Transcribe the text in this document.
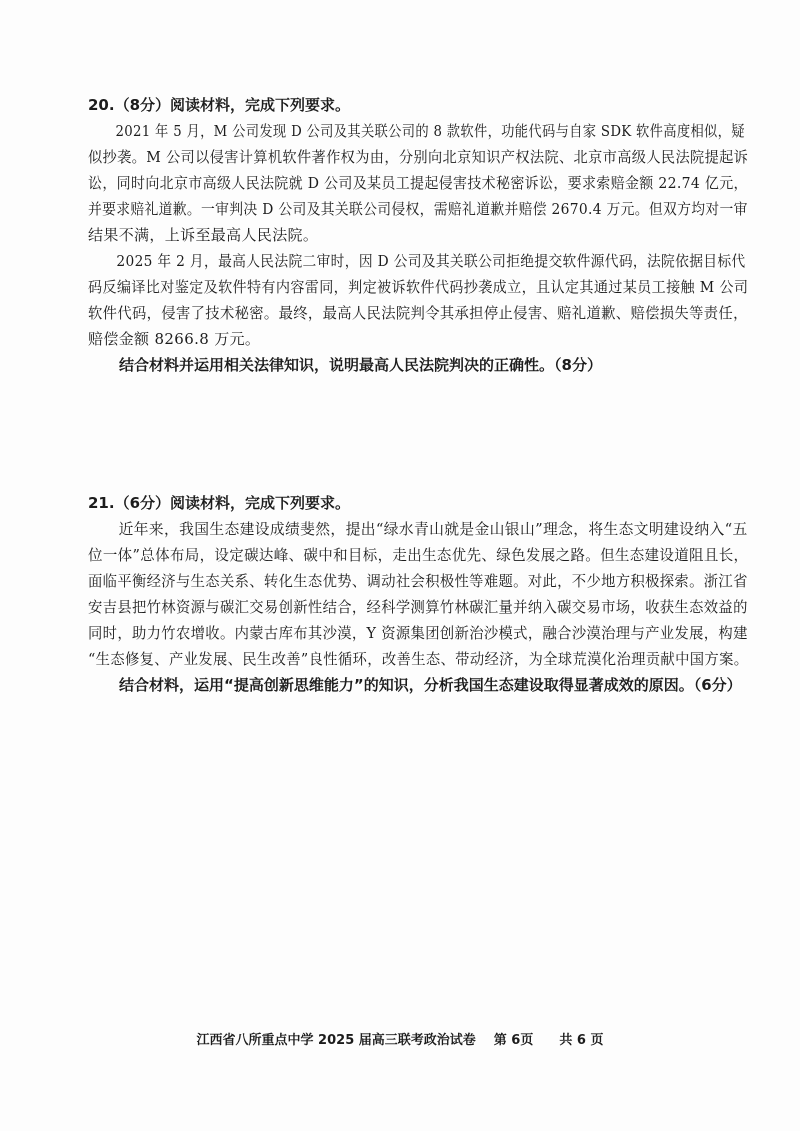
20.（8分）阅读材料，完成下列要求。
2021 年 5 月，M 公司发现 D 公司及其关联公司的 8 款软件，功能代码与自家 SDK 软件高度相似，疑
似抄袭。M 公司以侵害计算机软件著作权为由，分别向北京知识产权法院、北京市高级人民法院提起诉
讼，同时向北京市高级人民法院就 D 公司及某员工提起侵害技术秘密诉讼，要求索赔金额 22.74 亿元，
并要求赔礼道歉。一审判决 D 公司及其关联公司侵权，需赔礼道歉并赔偿 2670.4 万元。但双方均对一审
结果不满，上诉至最高人民法院。
2025 年 2 月，最高人民法院二审时，因 D 公司及其关联公司拒绝提交软件源代码，法院依据目标代
码反编译比对鉴定及软件特有内容雷同，判定被诉软件代码抄袭成立，且认定其通过某员工接触 M 公司
软件代码，侵害了技术秘密。最终，最高人民法院判令其承担停止侵害、赔礼道歉、赔偿损失等责任，
赔偿金额 8266.8 万元。
结合材料并运用相关法律知识，说明最高人民法院判决的正确性。（8分）
21.（6分）阅读材料，完成下列要求。
近年来，我国生态建设成绩斐然，提出“绿水青山就是金山银山”理念，将生态文明建设纳入“五
位一体”总体布局，设定碳达峰、碳中和目标，走出生态优先、绿色发展之路。但生态建设道阻且长，
面临平衡经济与生态关系、转化生态优势、调动社会积极性等难题。对此，不少地方积极探索。浙江省
安吉县把竹林资源与碳汇交易创新性结合，经科学测算竹林碳汇量并纳入碳交易市场，收获生态效益的
同时，助力竹农增收。内蒙古库布其沙漠，Y 资源集团创新治沙模式，融合沙漠治理与产业发展，构建
“生态修复、产业发展、民生改善”良性循环，改善生态、带动经济，为全球荒漠化治理贡献中国方案。
结合材料，运用“提高创新思维能力”的知识，分析我国生态建设取得显著成效的原因。（6分）
江西省八所重点中学 2025 届高三联考政治试卷 第 6页 共 6 页
